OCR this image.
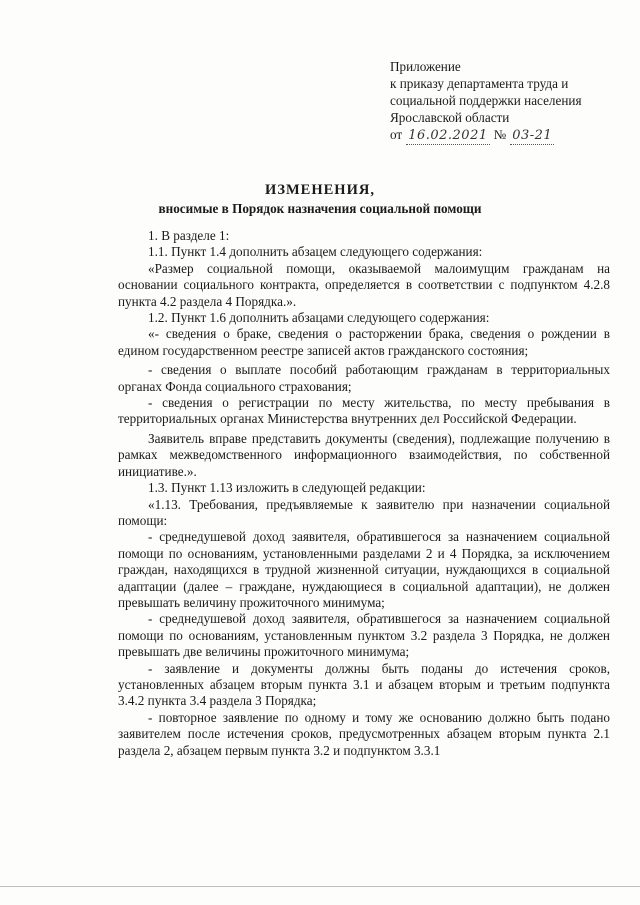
Приложение
к приказу департамента труда и
социальной поддержки населения
Ярославской области
от 16.02.2021 № 03-21
ИЗМЕНЕНИЯ,
вносимые в Порядок назначения социальной помощи

1. В разделе 1:

1.1. Пункт 1.4 дополнить абзацем следующего содержания:

«Размер социальной помощи, оказываемой малоимущим гражданам на основании социального контракта, определяется в соответствии с подпунктом 4.2.8 пункта 4.2 раздела 4 Порядка.».

1.2. Пункт 1.6 дополнить абзацами следующего содержания:

«- сведения о браке, сведения о расторжении брака, сведения о рождении в едином государственном реестре записей актов гражданского состояния;

- сведения о выплате пособий работающим гражданам в территориальных органах Фонда социального страхования;

- сведения о регистрации по месту жительства, по месту пребывания в территориальных органах Министерства внутренних дел Российской Федерации.

Заявитель вправе представить документы (сведения), подлежащие получению в рамках межведомственного информационного взаимодействия, по собственной инициативе.».

1.3. Пункт 1.13 изложить в следующей редакции:

«1.13. Требования, предъявляемые к заявителю при назначении социальной помощи:

- среднедушевой доход заявителя, обратившегося за назначением социальной помощи по основаниям, установленными разделами 2 и 4 Порядка, за исключением граждан, находящихся в трудной жизненной ситуации, нуждающихся в социальной адаптации (далее – граждане, нуждающиеся в социальной адаптации), не должен превышать величину прожиточного минимума;

- среднедушевой доход заявителя, обратившегося за назначением социальной помощи по основаниям, установленным пунктом 3.2 раздела 3 Порядка, не должен превышать две величины прожиточного минимума;

- заявление и документы должны быть поданы до истечения сроков, установленных абзацем вторым пункта 3.1 и абзацем вторым и третьим подпункта 3.4.2 пункта 3.4 раздела 3 Порядка;

- повторное заявление по одному и тому же основанию должно быть подано заявителем после истечения сроков, предусмотренных абзацем вторым пункта 2.1 раздела 2, абзацем первым пункта 3.2 и подпунктом 3.3.1
